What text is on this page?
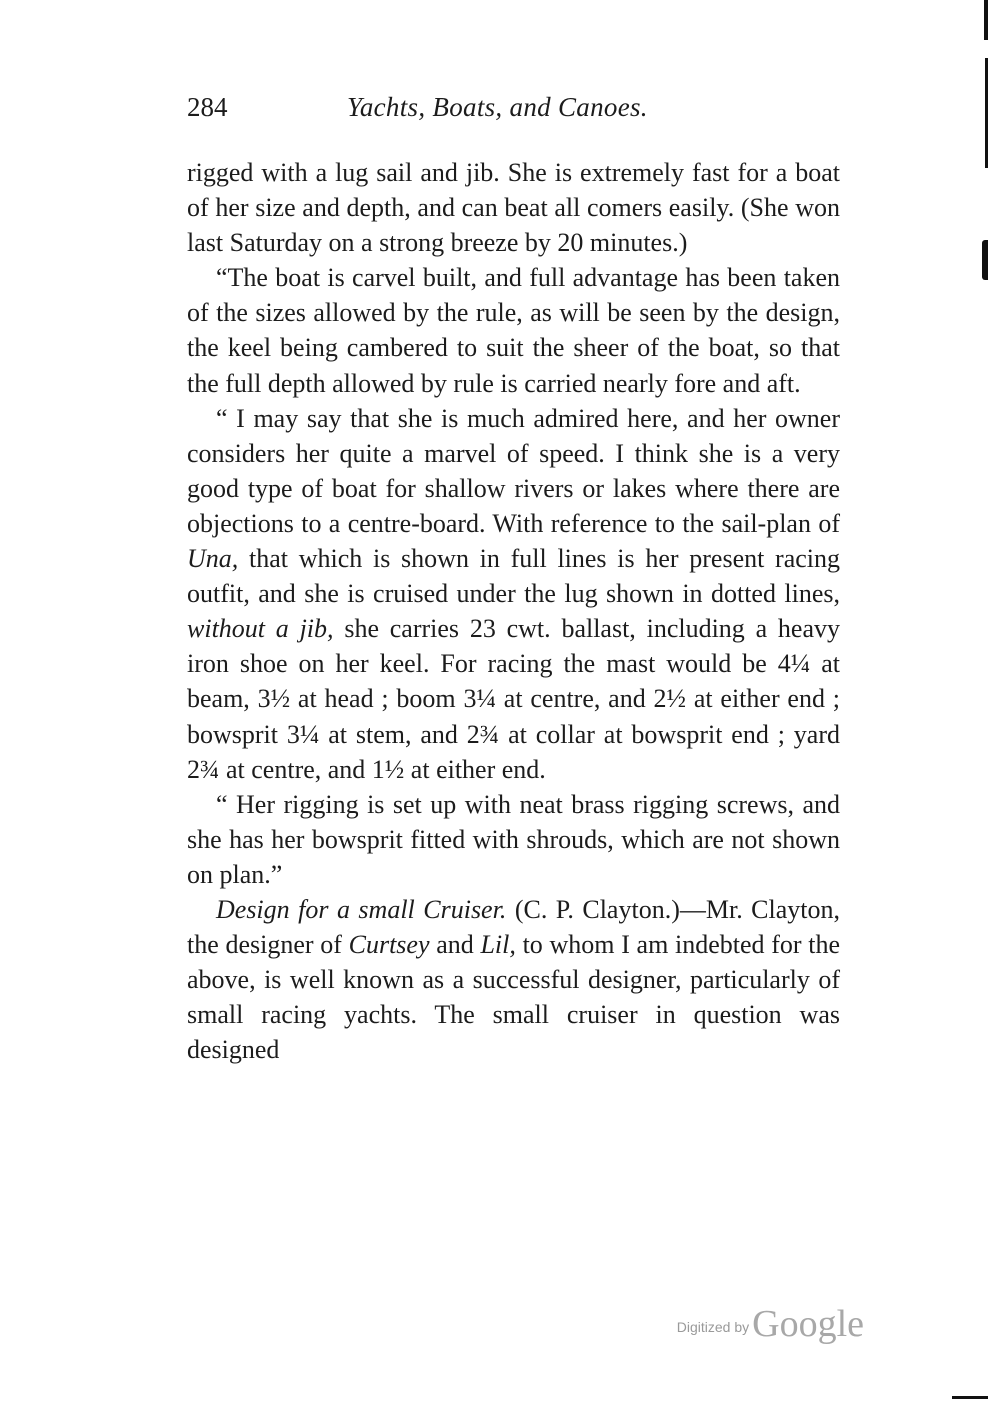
284	Yachts, Boats, and Canoes.

rigged with a lug sail and jib. She is extremely fast for a boat of her size and depth, and can beat all comers easily. (She won last Saturday on a strong breeze by 20 minutes.)

“The boat is carvel built, and full advantage has been taken of the sizes allowed by the rule, as will be seen by the design, the keel being cambered to suit the sheer of the boat, so that the full depth allowed by rule is carried nearly fore and aft.

“ I may say that she is much admired here, and her owner considers her quite a marvel of speed. I think she is a very good type of boat for shallow rivers or lakes where there are objections to a centre-board. With reference to the sail-plan of Una, that which is shown in full lines is her present racing outfit, and she is cruised under the lug shown in dotted lines, without a jib, she carries 23 cwt. ballast, including a heavy iron shoe on her keel. For racing the mast would be 4¼ at beam, 3½ at head ; boom 3¼ at centre, and 2½ at either end ; bowsprit 3¼ at stem, and 2¾ at collar at bowsprit end ; yard 2¾ at centre, and 1½ at either end.

“ Her rigging is set up with neat brass rigging screws, and she has her bowsprit fitted with shrouds, which are not shown on plan.”

Design for a small Cruiser. (C. P. Clayton.)—Mr. Clayton, the designer of Curtsey and Lil, to whom I am indebted for the above, is well known as a successful designer, particularly of small racing yachts. The small cruiser in question was designed

Digitized byGoogle
